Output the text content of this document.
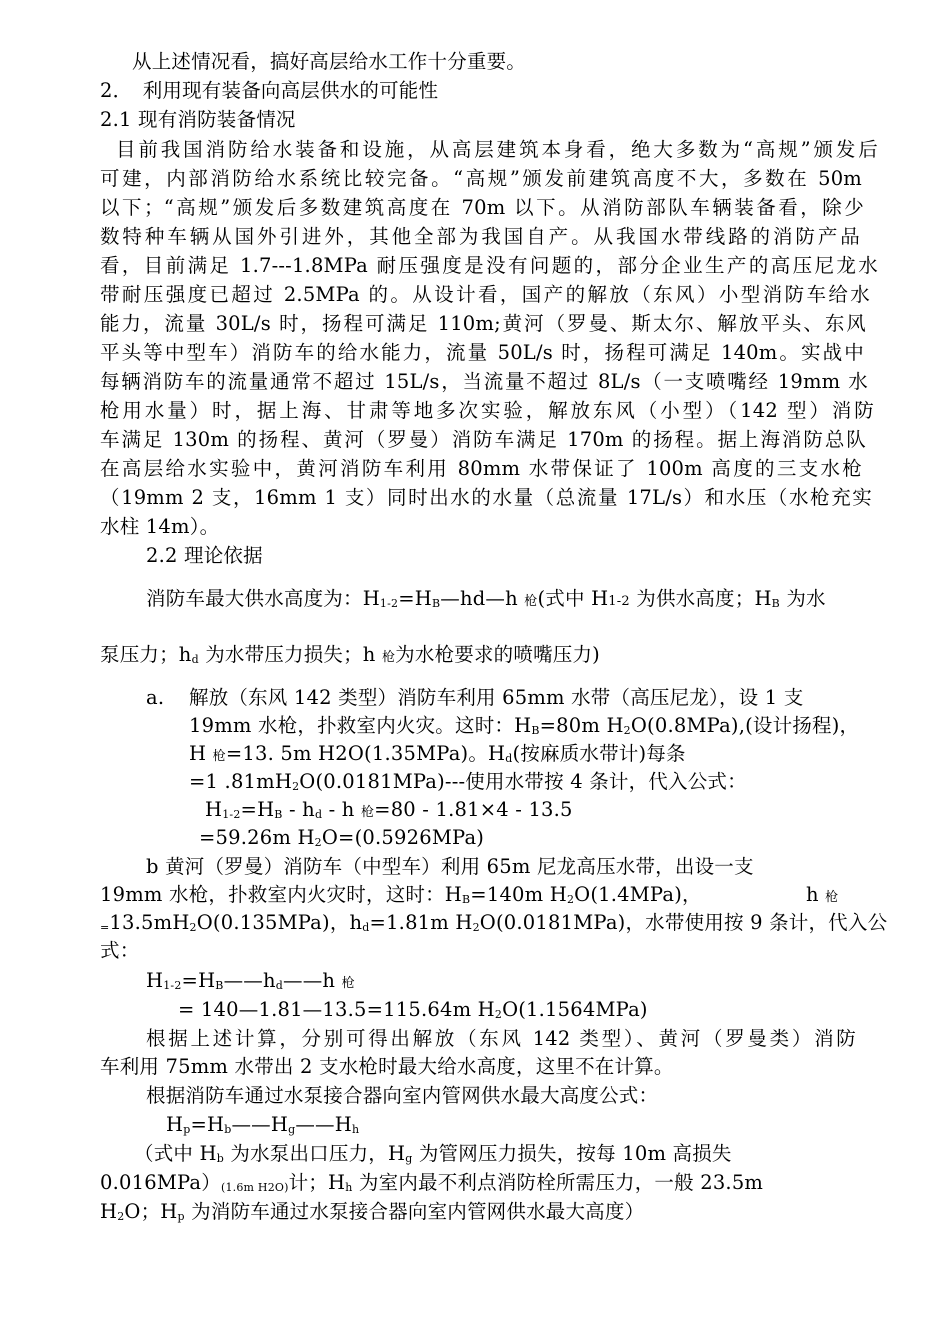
从上述情况看，搞好高层给水工作十分重要。
2． 利用现有装备向高层供水的可能性
2.1 现有消防装备情况
目前我国消防给水装备和设施，从高层建筑本身看，绝大多数为“高规”颁发后
可建，内部消防给水系统比较完备。“高规”颁发前建筑高度不大，多数在 50m
以下；“高规”颁发后多数建筑高度在 70m 以下。从消防部队车辆装备看，除少
数特种车辆从国外引进外，其他全部为我国自产。从我国水带线路的消防产品
看，目前满足 1.7---1.8MPa 耐压强度是没有问题的，部分企业生产的高压尼龙水
带耐压强度已超过 2.5MPa 的。从设计看，国产的解放（东风）小型消防车给水
能力，流量 30L/s 时，扬程可满足 110m;黄河（罗曼、斯太尔、解放平头、东风
平头等中型车）消防车的给水能力，流量 50L/s 时，扬程可满足 140m。实战中
每辆消防车的流量通常不超过 15L/s，当流量不超过 8L/s（一支喷嘴经 19mm 水
枪用水量）时，据上海、甘肃等地多次实验，解放东风（小型）（142 型）消防
车满足 130m 的扬程、黄河（罗曼）消防车满足 170m 的扬程。据上海消防总队
在高层给水实验中，黄河消防车利用 80mm 水带保证了 100m 高度的三支水枪
（19mm 2 支，16mm 1 支）同时出水的水量（总流量 17L/s）和水压（水枪充实
水柱 14m）。
2.2 理论依据
消防车最大供水高度为：H1-2=HB—hd—h 枪(式中 H1-2 为供水高度；HB 为水
泵压力；hd 为水带压力损失；h 枪为水枪要求的喷嘴压力)
a. 解放（东风 142 类型）消防车利用 65mm 水带（高压尼龙），设 1 支
19mm 水枪，扑救室内火灾。这时：HB=80m H2O(0.8MPa),(设计扬程)，
H 枪=13. 5m H2O(1.35MPa)。Hd(按麻质水带计)每条
=1 .81mH2O(0.0181MPa)---使用水带按 4 条计，代入公式：
H1-2=HB - hd - h 枪=80 - 1.81×4 - 13.5
=59.26m H2O=(0.5926MPa)
b 黄河（罗曼）消防车（中型车）利用 65m 尼龙高压水带，出设一支
19mm 水枪，扑救室内火灾时，这时：HB=140m H2O(1.4MPa)，	h 枪
=13.5mH2O(0.135MPa)，hd=1.81m H2O(0.0181MPa)，水带使用按 9 条计，代入公
式：
H1-2=HB——hd——h 枪
= 140—1.81—13.5=115.64m H2O(1.1564MPa)
根据上述计算，分别可得出解放（东风 142 类型）、黄河（罗曼类）消防
车利用 75mm 水带出 2 支水枪时最大给水高度，这里不在计算。
根据消防车通过水泵接合器向室内管网供水最大高度公式：
Hp=Hb——Hg——Hh
（式中 Hb 为水泵出口压力，Hg 为管网压力损失，按每 10m 高损失
0.016MPa）(1.6m H2O)计；Hh 为室内最不利点消防栓所需压力，一般 23.5m
H2O；Hp 为消防车通过水泵接合器向室内管网供水最大高度）
